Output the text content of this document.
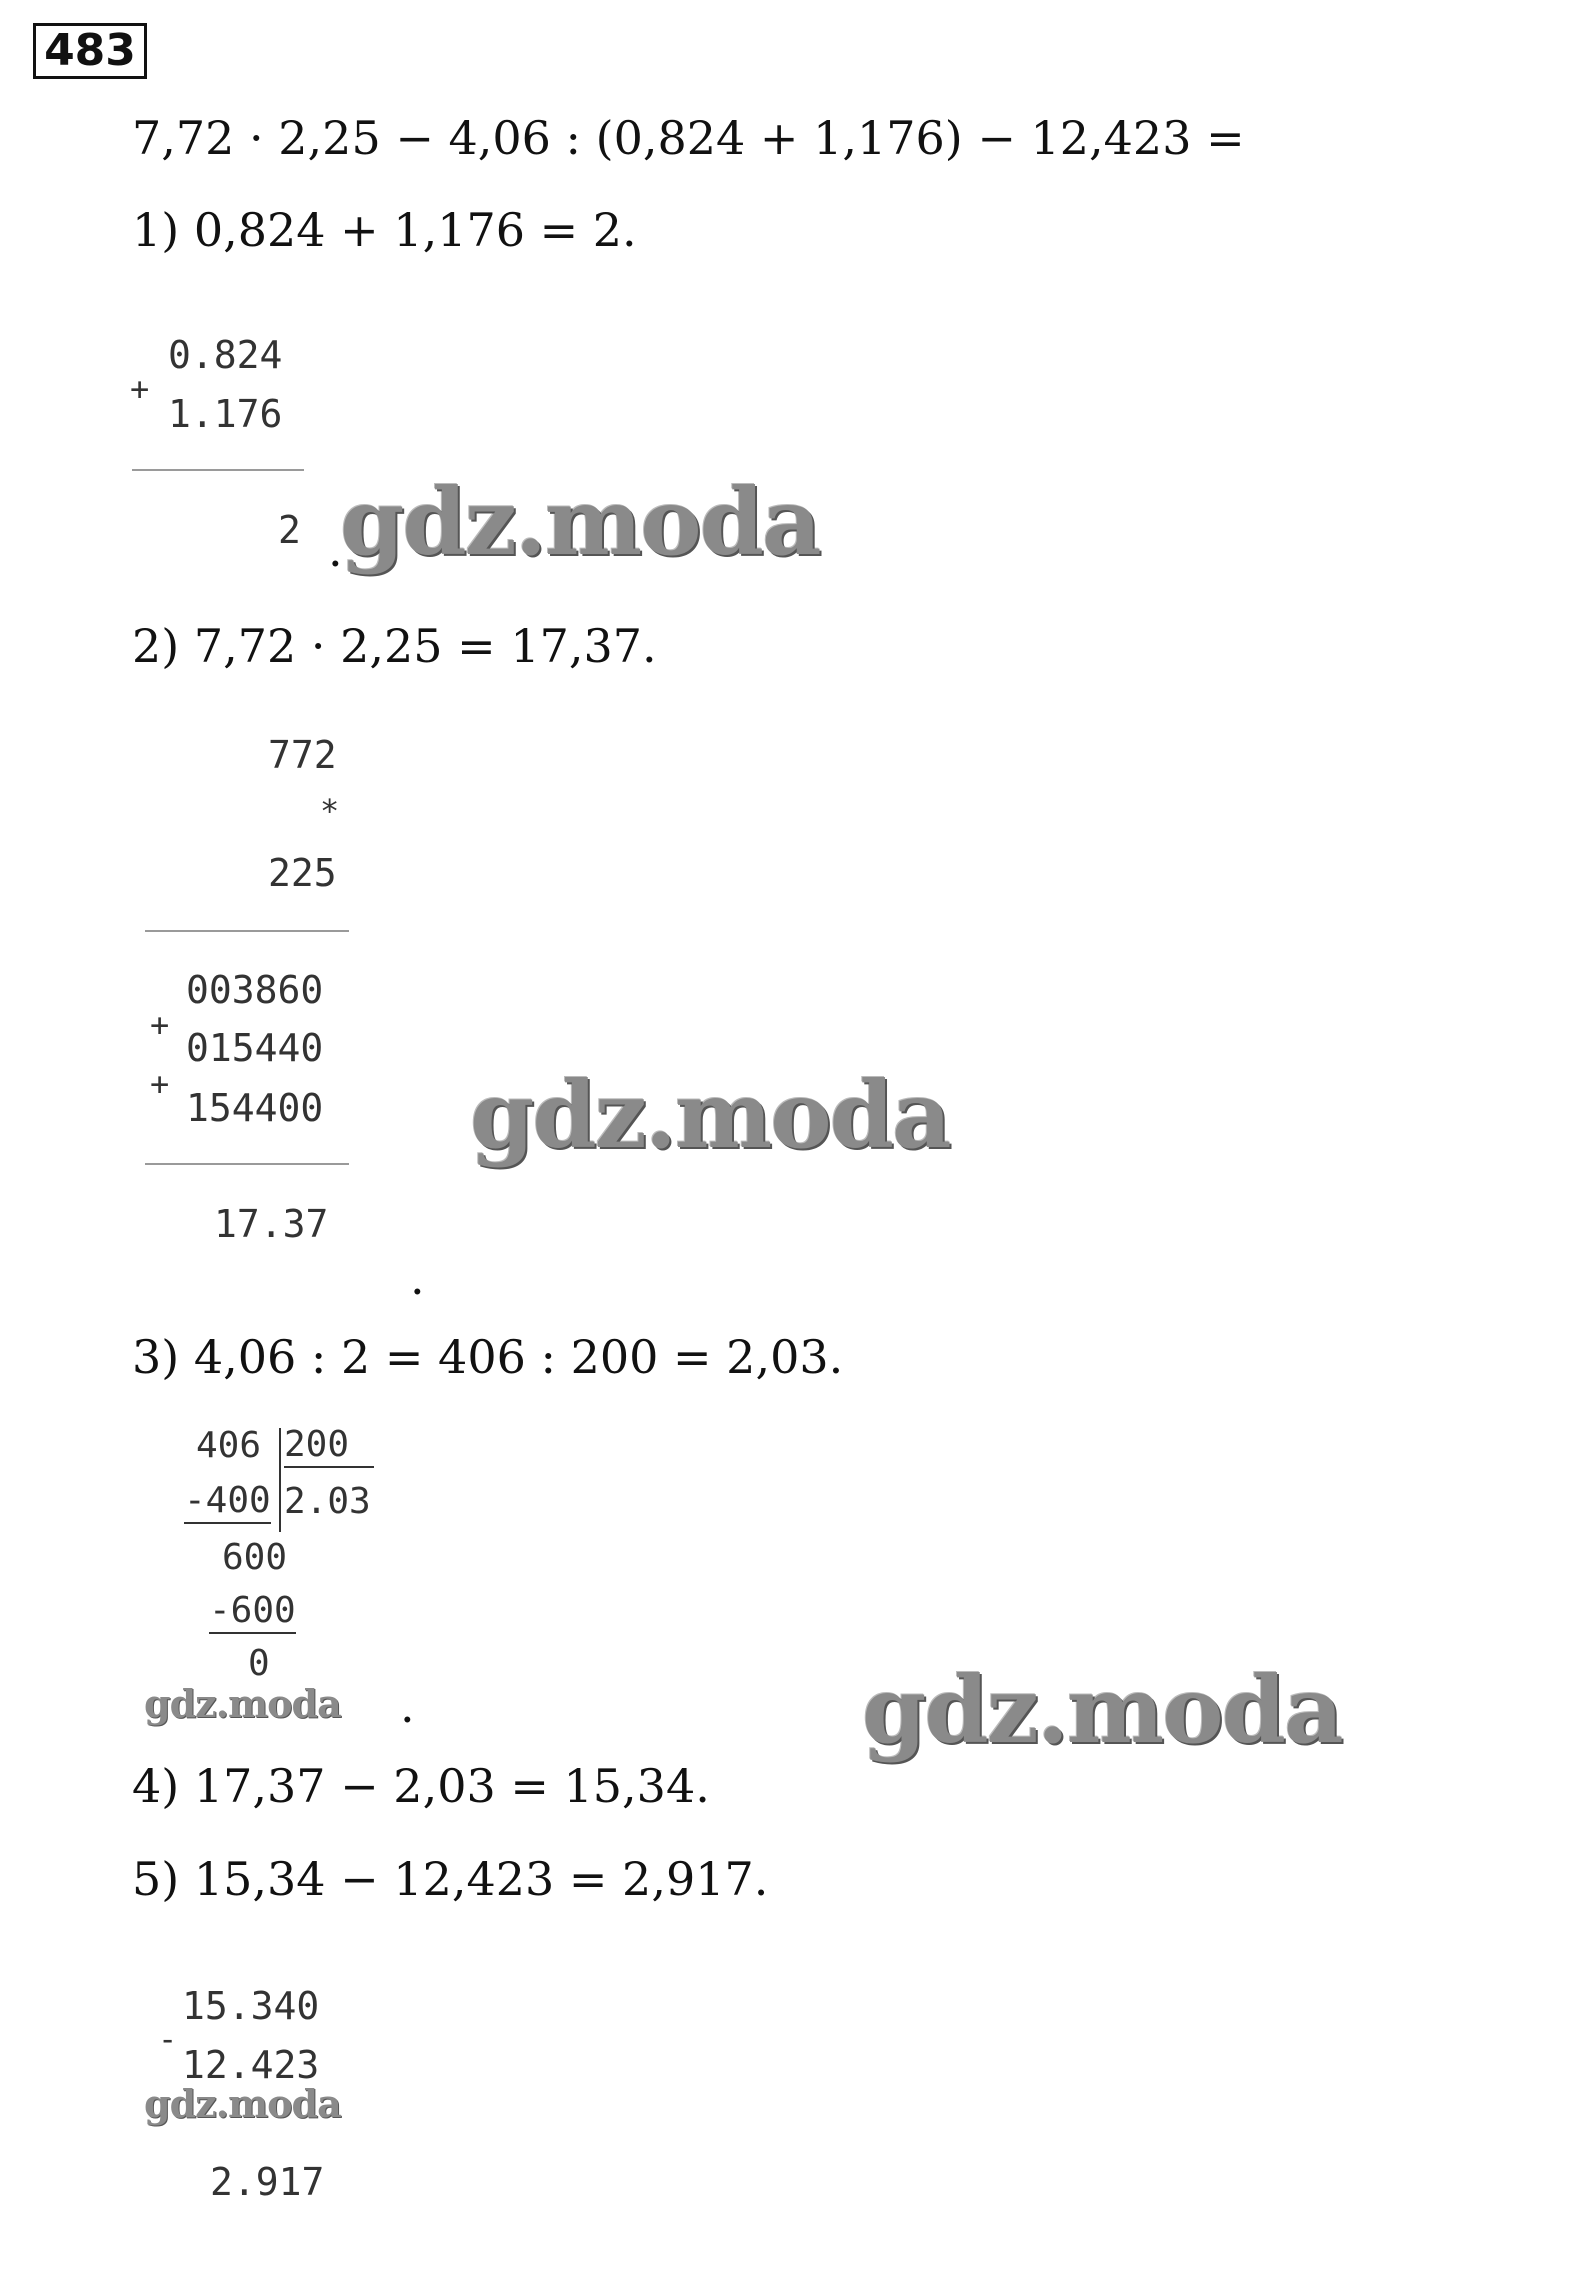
483
7,72 · 2,25 − 4,06 : (0,824 + 1,176) − 12,423 =
1) 0,824 + 1,176 = 2.
0.824
+
1.176
2 .
gdz.moda
2) 7,72 · 2,25 = 17,37.
772
*
225
003860
+
015440
+
154400
17.37
.
gdz.moda
3) 4,06 : 2 = 406 : 200 = 2,03.
406 200
-400 2.03
600
-600
0
.
gdz.moda	gdz.moda
4) 17,37 − 2,03 = 15,34.
5) 15,34 − 12,423 = 2,917.
15.340
-
12.423
2.917
gdz.moda
